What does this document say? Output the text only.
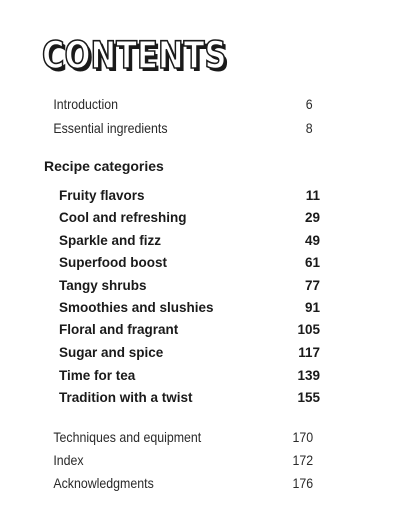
CONTENTS
Introduction	6
Essential ingredients	8
Recipe categories
Fruity flavors	11
Cool and refreshing	29
Sparkle and fizz	49
Superfood boost	61
Tangy shrubs	77
Smoothies and slushies	91
Floral and fragrant	105
Sugar and spice	117
Time for tea	139
Tradition with a twist	155
Techniques and equipment	170
Index	172
Acknowledgments	176
